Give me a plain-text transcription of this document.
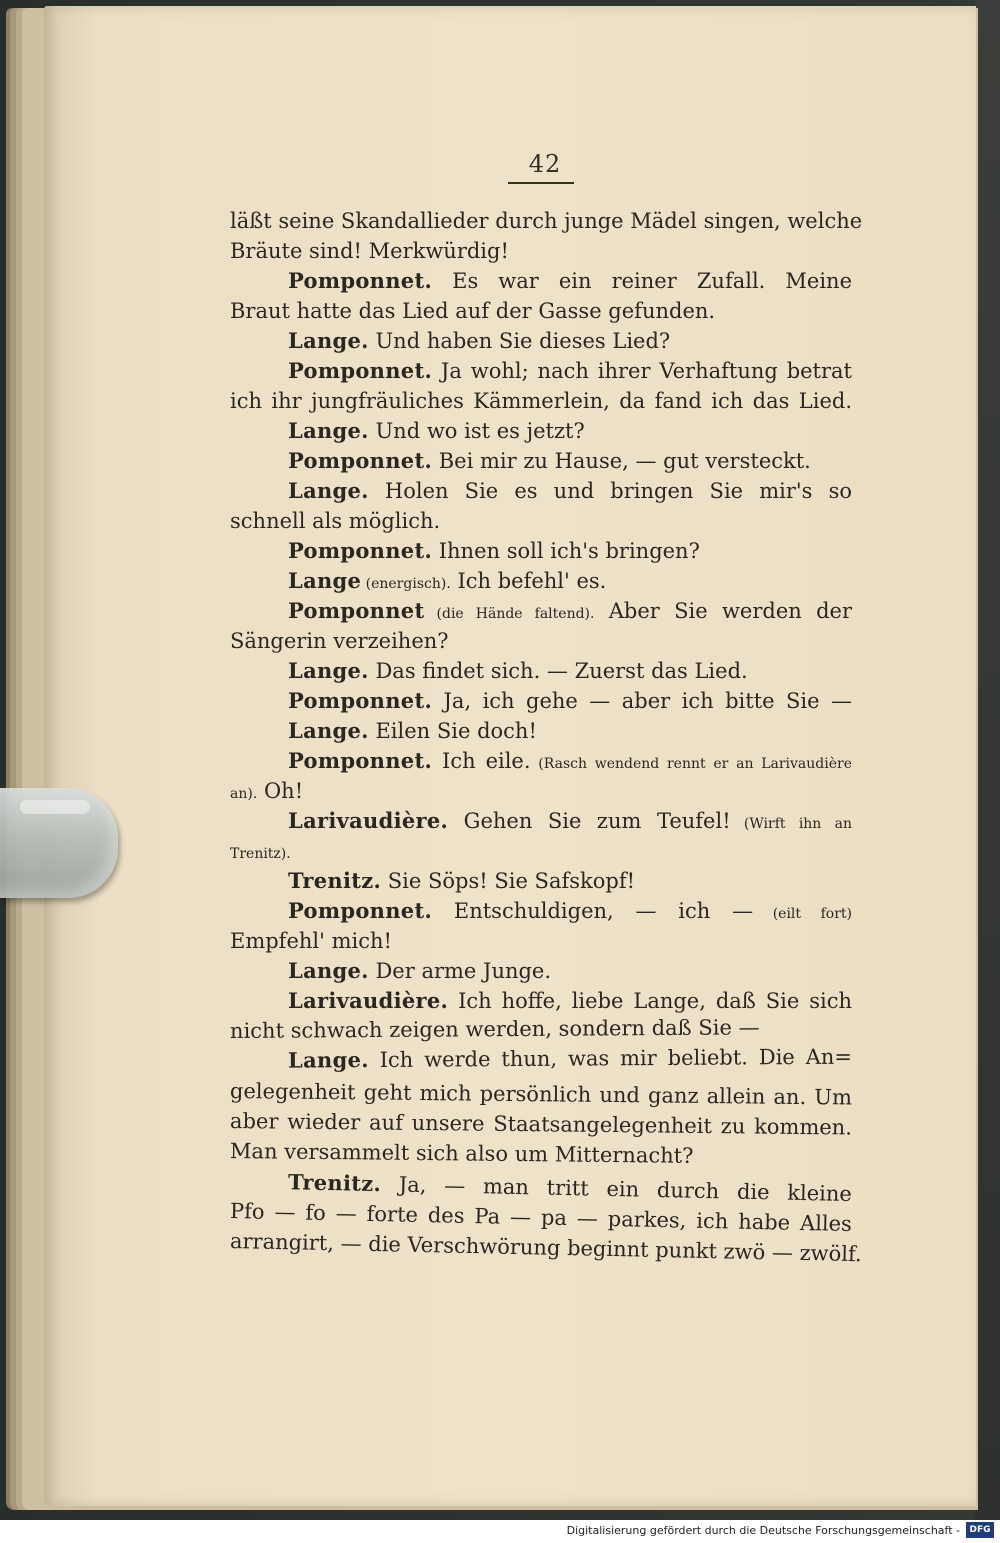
42
läßt seine Skandallieder durch junge Mädel singen, welche
Bräute sind! Merkwürdig!
Pomponnet. Es war ein reiner Zufall. Meine
Braut hatte das Lied auf der Gasse gefunden.
Lange. Und haben Sie dieses Lied?
Pomponnet. Ja wohl; nach ihrer Verhaftung betrat
ich ihr jungfräuliches Kämmerlein, da fand ich das Lied.
Lange. Und wo ist es jetzt?
Pomponnet. Bei mir zu Hause, — gut versteckt.
Lange. Holen Sie es und bringen Sie mir's so
schnell als möglich.
Pomponnet. Ihnen soll ich's bringen?
Lange (energisch). Ich befehl' es.
Pomponnet (die Hände faltend). Aber Sie werden der
Sängerin verzeihen?
Lange. Das findet sich. — Zuerst das Lied.
Pomponnet. Ja, ich gehe — aber ich bitte Sie —
Lange. Eilen Sie doch!
Pomponnet. Ich eile. (Rasch wendend rennt er an Larivaudière
an). Oh!
Larivaudière. Gehen Sie zum Teufel! (Wirft ihn an
Trenitz).
Trenitz. Sie Söps! Sie Safskopf!
Pomponnet. Entschuldigen, — ich — (eilt fort)
Empfehl' mich!
Lange. Der arme Junge.
Larivaudière. Ich hoffe, liebe Lange, daß Sie sich
nicht schwach zeigen werden, sondern daß Sie —
Lange. Ich werde thun, was mir beliebt. Die An=
gelegenheit geht mich persönlich und ganz allein an. Um
aber wieder auf unsere Staatsangelegenheit zu kommen.
Man versammelt sich also um Mitternacht?
Trenitz. Ja, — man tritt ein durch die kleine
Pfo — fo — forte des Pa — pa — parkes, ich habe Alles
arrangirt, — die Verschwörung beginnt punkt zwö — zwölf.
Digitalisierung gefördert durch die Deutsche Forschungsgemeinschaft -	DFG
